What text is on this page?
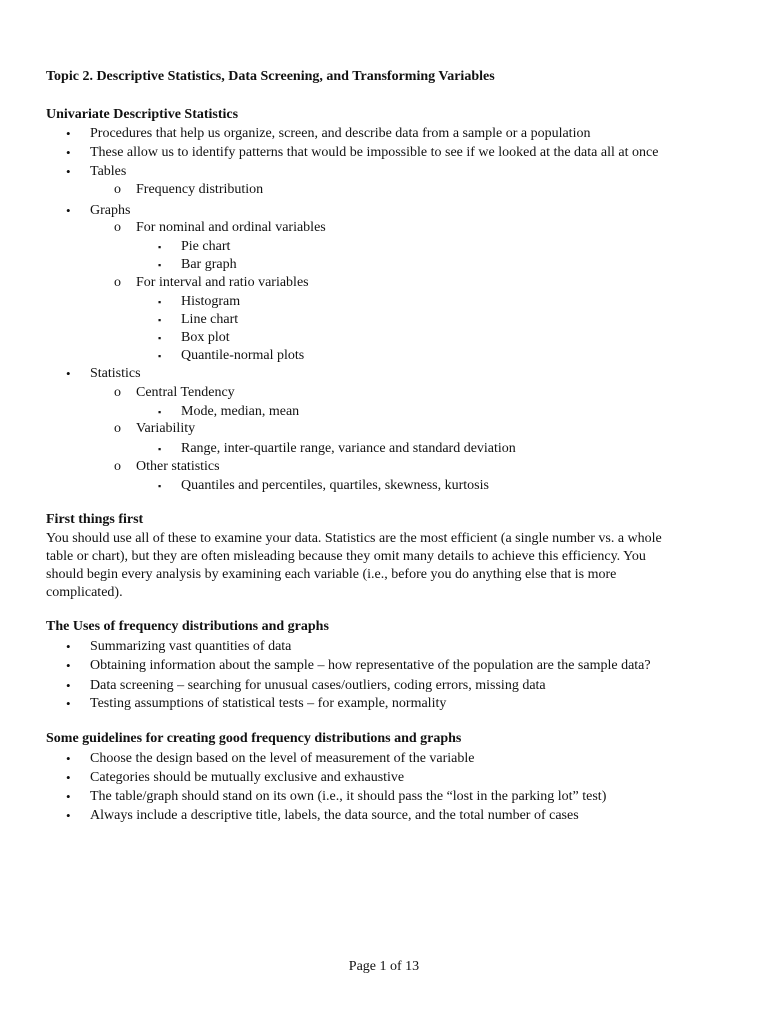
Topic 2. Descriptive Statistics, Data Screening, and Transforming Variables
Univariate Descriptive Statistics
• Procedures that help us organize, screen, and describe data from a sample or a population
• These allow us to identify patterns that would be impossible to see if we looked at the data all at once
• Tables
o Frequency distribution
• Graphs
o For nominal and ordinal variables
▪ Pie chart
▪ Bar graph
o For interval and ratio variables
▪ Histogram
▪ Line chart
▪ Box plot
▪ Quantile-normal plots
• Statistics
o Central Tendency
▪ Mode, median, mean
o Variability
▪ Range, inter-quartile range, variance and standard deviation
o Other statistics
▪ Quantiles and percentiles, quartiles, skewness, kurtosis
First things first
You should use all of these to examine your data. Statistics are the most efficient (a single number vs. a whole
table or chart), but they are often misleading because they omit many details to achieve this efficiency. You
should begin every analysis by examining each variable (i.e., before you do anything else that is more
complicated).
The Uses of frequency distributions and graphs
• Summarizing vast quantities of data
• Obtaining information about the sample – how representative of the population are the sample data?
• Data screening – searching for unusual cases/outliers, coding errors, missing data
• Testing assumptions of statistical tests – for example, normality
Some guidelines for creating good frequency distributions and graphs
• Choose the design based on the level of measurement of the variable
• Categories should be mutually exclusive and exhaustive
• The table/graph should stand on its own (i.e., it should pass the “lost in the parking lot” test)
• Always include a descriptive title, labels, the data source, and the total number of cases
Page 1 of 13
